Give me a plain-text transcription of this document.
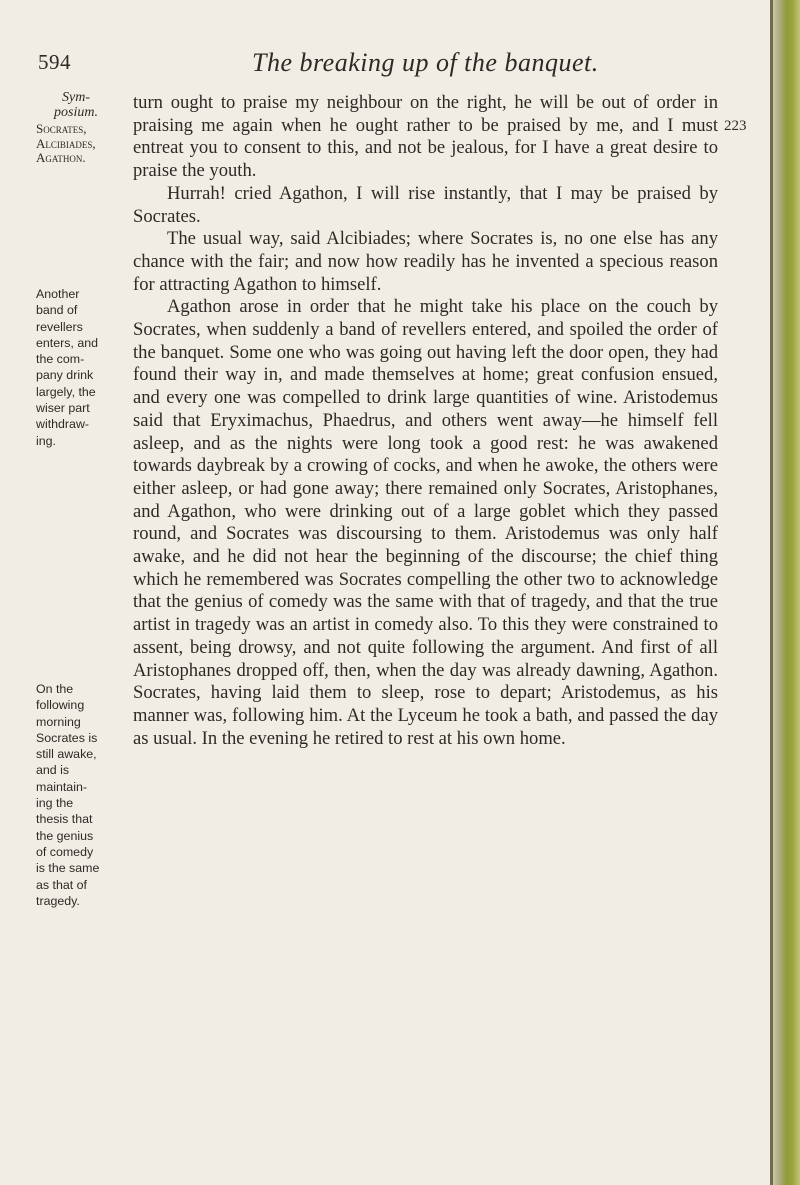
594	The breaking up of the banquet.
Sym-
posium.
Socrates,
Alcibiades,
Agathon.
Another
band of
revellers
enters, and
the com-
pany drink
largely, the
wiser part
withdraw-
ing.
On the
following
morning
Socrates is
still awake,
and is
maintain-
ing the
thesis that
the genius
of comedy
is the same
as that of
tragedy.
223

turn ought to praise my neighbour on the right, he will be out of order in praising me again when he ought rather to be praised by me, and I must entreat you to consent to this, and not be jealous, for I have a great desire to praise the youth.

Hurrah! cried Agathon, I will rise instantly, that I may be praised by Socrates.

The usual way, said Alcibiades; where Socrates is, no one else has any chance with the fair; and now how readily has he invented a specious reason for attracting Agathon to himself.

Agathon arose in order that he might take his place on the couch by Socrates, when suddenly a band of revellers entered, and spoiled the order of the banquet. Some one who was going out having left the door open, they had found their way in, and made themselves at home; great confusion ensued, and every one was compelled to drink large quantities of wine. Aristodemus said that Eryximachus, Phaedrus, and others went away—he himself fell asleep, and as the nights were long took a good rest: he was awakened towards daybreak by a crowing of cocks, and when he awoke, the others were either asleep, or had gone away; there remained only Socrates, Aristophanes, and Agathon, who were drinking out of a large goblet which they passed round, and Socrates was discoursing to them. Aristodemus was only half awake, and he did not hear the beginning of the discourse; the chief thing which he remembered was Socrates compelling the other two to acknowledge that the genius of comedy was the same with that of tragedy, and that the true artist in tragedy was an artist in comedy also. To this they were constrained to assent, being drowsy, and not quite following the argument. And first of all Aristophanes dropped off, then, when the day was already dawning, Agathon. Socrates, having laid them to sleep, rose to depart; Aristodemus, as his manner was, following him. At the Lyceum he took a bath, and passed the day as usual. In the evening he retired to rest at his own home.
